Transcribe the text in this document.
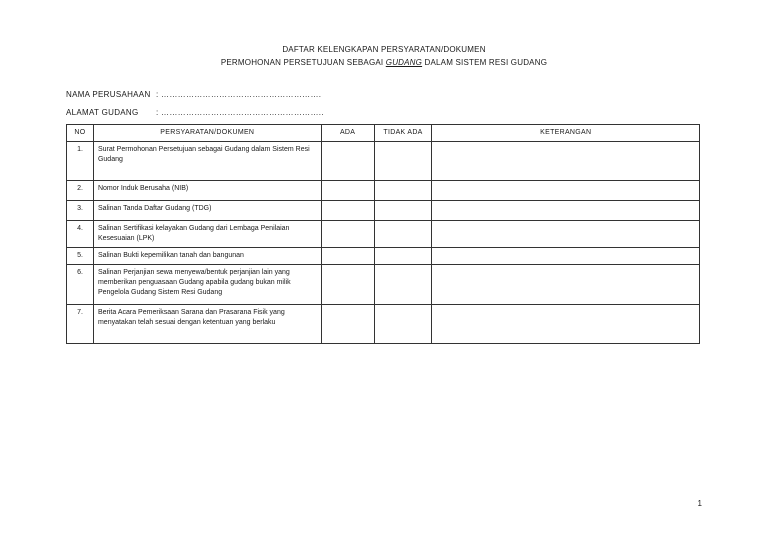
DAFTAR KELENGKAPAN PERSYARATAN/DOKUMEN
PERMOHONAN PERSETUJUAN SEBAGAI GUDANG DALAM SISTEM RESI GUDANG
NAMA PERUSAHAAN : ………………………………………………….
ALAMAT GUDANG : …………………………………………………..
NO	PERSYARATAN/DOKUMEN	ADA	TIDAK ADA	KETERANGAN
1.	Surat Permohonan Persetujuan sebagai Gudang dalam Sistem Resi Gudang			
2.	Nomor Induk Berusaha (NIB)			
3.	Salinan Tanda Daftar Gudang (TDG)			
4.	Salinan Sertifikasi kelayakan Gudang dari Lembaga Penilaian Kesesuaian (LPK)			
5.	Salinan Bukti kepemilikan tanah dan bangunan			
6.	Salinan Perjanjian sewa menyewa/bentuk perjanjian lain yang memberikan penguasaan Gudang apabila gudang bukan milik Pengelola Gudang Sistem Resi Gudang			
7.	Berita Acara Pemeriksaan Sarana dan Prasarana Fisik yang menyatakan telah sesuai dengan ketentuan yang berlaku			
1
